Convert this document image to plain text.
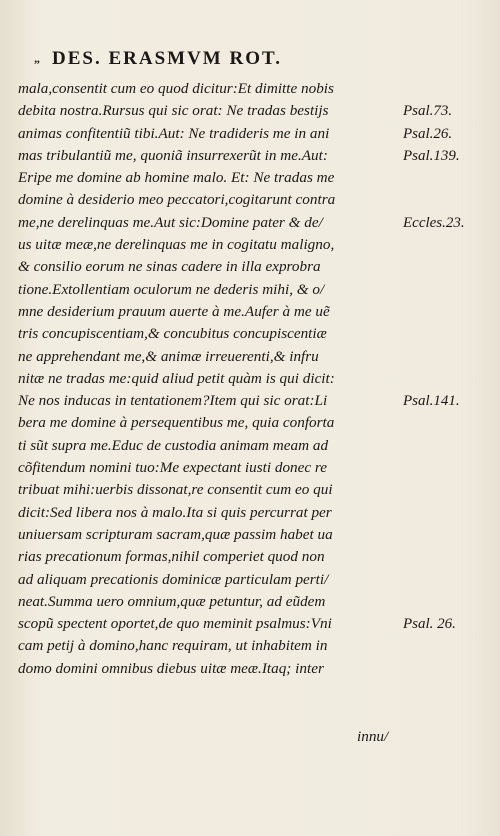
„ DES. ERASMVM ROT.
mala,consentit cum eo quod dicitur:Et dimitte nobis
debita nostra.Rursus qui sic orat: Ne tradas bestijs
animas confitentiũ tibi.Aut: Ne tradideris me in ani
mas tribulantiũ me, quoniã insurrexerũt in me.Aut:
Eripe me domine ab homine malo. Et: Ne tradas me
domine à desiderio meo peccatori,cogitarunt contra
me,ne derelinquas me.Aut sic:Domine pater & de/
us uitæ meæ,ne derelinquas me in cogitatu maligno,
& consilio eorum ne sinas cadere in illa exprobra
tione.Extollentiam oculorum ne dederis mihi, & o/
mne desiderium prauum auerte à me.Aufer à me uẽ
tris concupiscentiam,& concubitus concupiscentiæ
ne apprehendant me,& animæ irreuerenti,& infru
nitæ ne tradas me:quid aliud petit quàm is qui dicit:
Ne nos inducas in tentationem?Item qui sic orat:Li
bera me domine à persequentibus me, quia conforta
ti sũt supra me.Educ de custodia animam meam ad
cõfitendum nomini tuo:Me expectant iusti donec re
tribuat mihi:uerbis dissonat,re consentit cum eo qui
dicit:Sed libera nos à malo.Ita si quis percurrat per
uniuersam scripturam sacram,quæ passim habet ua
rias precationum formas,nihil comperiet quod non
ad aliquam precationis dominicæ particulam perti/
neat.Summa uero omnium,quæ petuntur, ad eũdem
scopũ spectent oportet,de quo meminit psalmus:Vni
cam petij à domino,hanc requiram, ut inhabitem in
domo domini omnibus diebus uitæ meæ.Itaq; inter
Psal.73.
Psal.26.
Psal.139.
Eccles.23.
Psal.141.
Psal. 26.
innu/
